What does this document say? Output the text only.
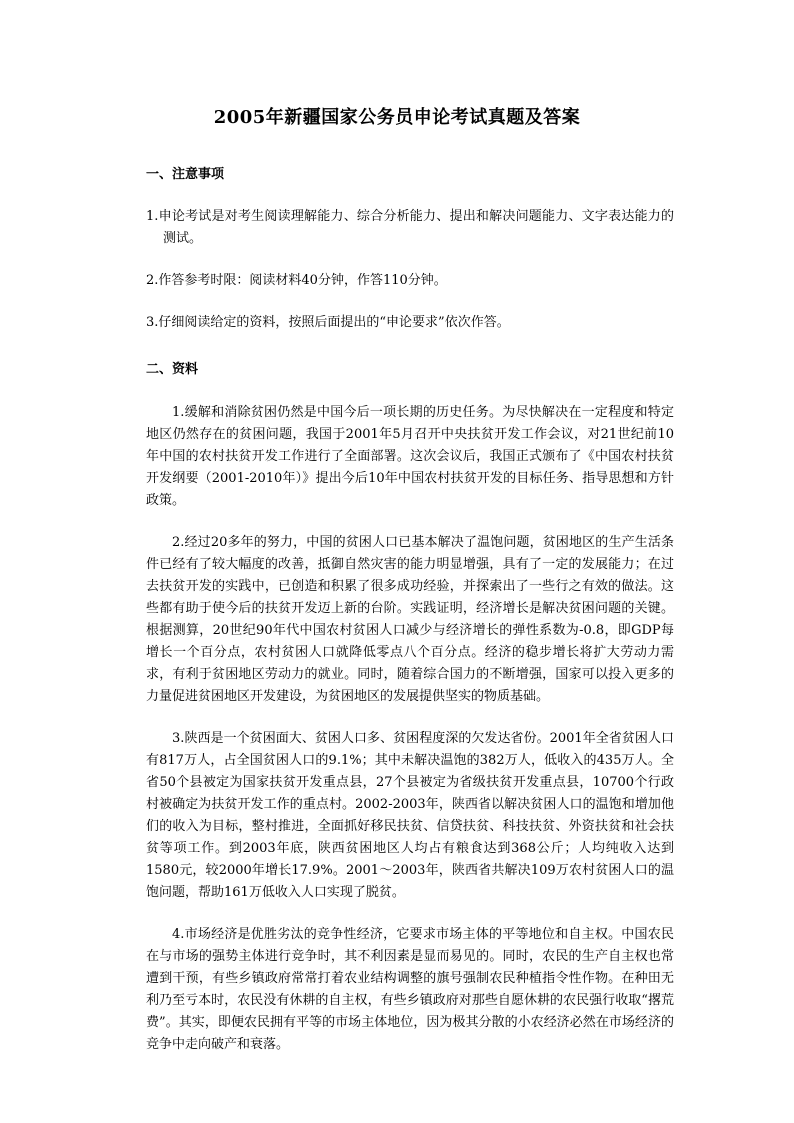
2005年新疆国家公务员申论考试真题及答案
一、注意事项

1.申论考试是对考生阅读理解能力、综合分析能力、提出和解决问题能力、文字表达能力的测试。

2.作答参考时限：阅读材料40分钟，作答110分钟。

3.仔细阅读给定的资料，按照后面提出的“申论要求”依次作答。

二、资料

1.缓解和消除贫困仍然是中国今后一项长期的历史任务。为尽快解决在一定程度和特定地区仍然存在的贫困问题，我国于2001年5月召开中央扶贫开发工作会议，对21世纪前10年中国的农村扶贫开发工作进行了全面部署。这次会议后，我国正式颁布了《中国农村扶贫开发纲要（2001-2010年）》提出今后10年中国农村扶贫开发的目标任务、指导思想和方针政策。

2.经过20多年的努力，中国的贫困人口已基本解决了温饱问题，贫困地区的生产生活条件已经有了较大幅度的改善，抵御自然灾害的能力明显增强，具有了一定的发展能力；在过去扶贫开发的实践中，已创造和积累了很多成功经验，并探索出了一些行之有效的做法。这些都有助于使今后的扶贫开发迈上新的台阶。实践证明，经济增长是解决贫困问题的关键。根据测算，20世纪90年代中国农村贫困人口减少与经济增长的弹性系数为-0.8，即GDP每增长一个百分点，农村贫困人口就降低零点八个百分点。经济的稳步增长将扩大劳动力需求，有利于贫困地区劳动力的就业。同时，随着综合国力的不断增强，国家可以投入更多的力量促进贫困地区开发建设，为贫困地区的发展提供坚实的物质基础。

3.陕西是一个贫困面大、贫困人口多、贫困程度深的欠发达省份。2001年全省贫困人口有817万人，占全国贫困人口的9.1%；其中未解决温饱的382万人，低收入的435万人。全省50个县被定为国家扶贫开发重点县，27个县被定为省级扶贫开发重点县，10700个行政村被确定为扶贫开发工作的重点村。2002-2003年，陕西省以解决贫困人口的温饱和增加他们的收入为目标，整村推进，全面抓好移民扶贫、信贷扶贫、科技扶贫、外资扶贫和社会扶贫等项工作。到2003年底，陕西贫困地区人均占有粮食达到368公斤；人均纯收入达到1580元，较2000年增长17.9%。2001～2003年，陕西省共解决109万农村贫困人口的温饱问题，帮助161万低收入人口实现了脱贫。

4.市场经济是优胜劣汰的竞争性经济，它要求市场主体的平等地位和自主权。中国农民在与市场的强势主体进行竞争时，其不利因素是显而易见的。同时，农民的生产自主权也常遭到干预，有些乡镇政府常常打着农业结构调整的旗号强制农民种植指令性作物。在种田无利乃至亏本时，农民没有休耕的自主权，有些乡镇政府对那些自愿休耕的农民强行收取“撂荒费”。其实，即便农民拥有平等的市场主体地位，因为极其分散的小农经济必然在市场经济的竞争中走向破产和衰落。
